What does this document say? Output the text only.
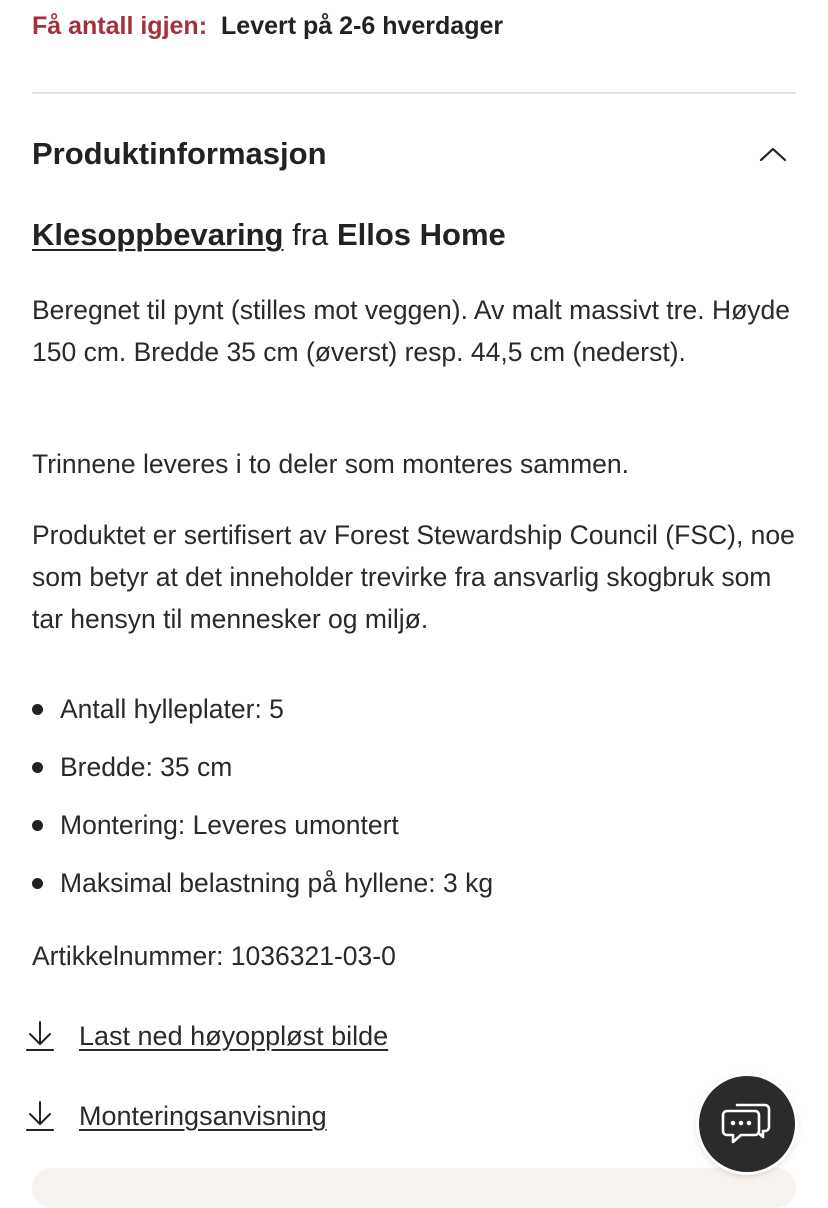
Få antall igjen: Levert på 2-6 hverdager
Produktinformasjon
Klesoppbevaring fra Ellos Home

Beregnet til pynt (stilles mot veggen). Av malt massivt tre. Høyde 150 cm. Bredde 35 cm (øverst) resp. 44,5 cm (nederst).

Trinnene leveres i to deler som monteres sammen.

Produktet er sertifisert av Forest Stewardship Council (FSC), noe som betyr at det inneholder trevirke fra ansvarlig skogbruk som tar hensyn til mennesker og miljø.

Antall hylleplater: 5
Bredde: 35 cm
Montering: Leveres umontert
Maksimal belastning på hyllene: 3 kg
Artikkelnummer: 1036321-03-0
Last ned høyoppløst bilde
Monteringsanvisning
